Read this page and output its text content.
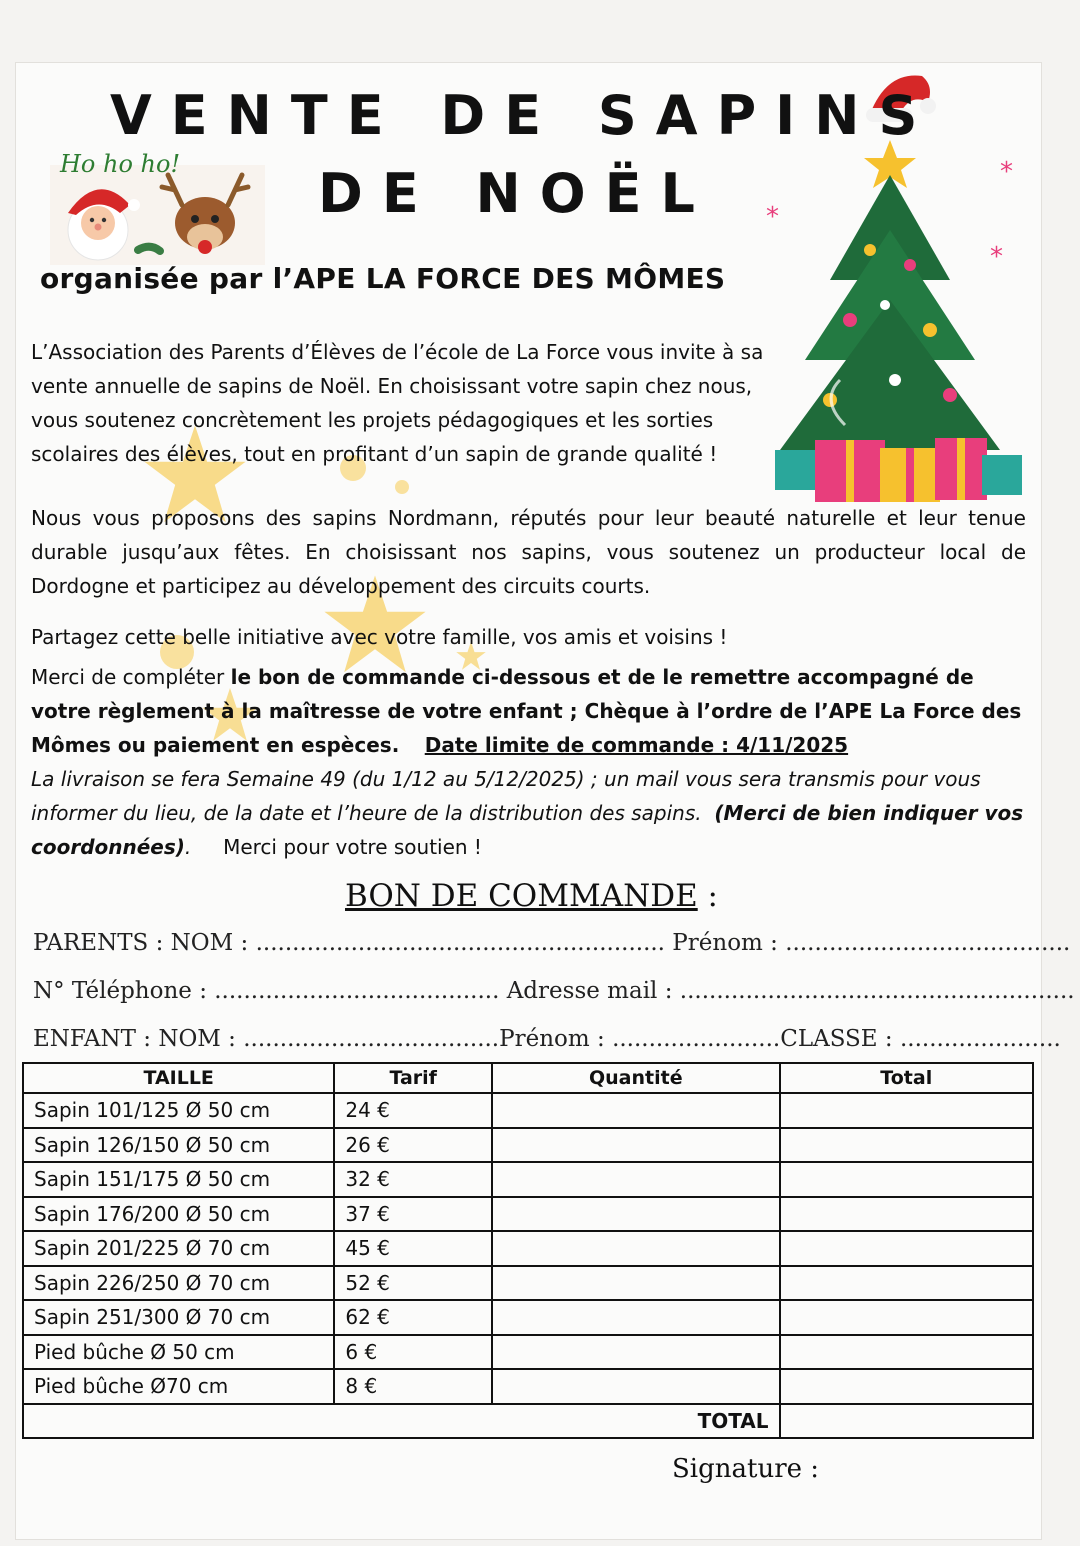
Ho ho ho!	*
*
*
VENTE DE SAPINS
DE NOËL
organisée par l’APE LA FORCE DES MÔMES

L’Association des Parents d’Élèves de l’école de La Force vous invite à sa vente annuelle de sapins de Noël. En choisissant votre sapin chez nous, vous soutenez concrètement les projets pédagogiques et les sorties scolaires des élèves, tout en profitant d’un sapin de grande qualité !

Nous vous proposons des sapins Nordmann, réputés pour leur beauté naturelle et leur tenue durable jusqu’aux fêtes. En choisissant nos sapins, vous soutenez un producteur local de Dordogne et participez au développement des circuits courts.

Partagez cette belle initiative avec votre famille, vos amis et voisins !

Merci de compléter le bon de commande ci-dessous et de le remettre accompagné de votre règlement à la maîtresse de votre enfant ; Chèque à l’ordre de l’APE La Force des Mômes ou paiement en espèces. Date limite de commande : 4/11/2025
La livraison se fera Semaine 49 (du 1/12 au 5/12/2025) ; un mail vous sera transmis pour vous informer du lieu, de la date et l’heure de la distribution des sapins. (Merci de bien indiquer vos coordonnées). Merci pour votre soutien !

BON DE COMMANDE :
PARENTS : NOM : ........................................................ Prénom : .......................................
N° Téléphone : ....................................... Adresse mail : ......................................................
ENFANT : NOM : ...................................Prénom : .......................CLASSE : ......................
TAILLE	Tarif	Quantité	Total
Sapin 101/125 Ø 50 cm	24 €		
Sapin 126/150 Ø 50 cm	26 €		
Sapin 151/175 Ø 50 cm	32 €		
Sapin 176/200 Ø 50 cm	37 €		
Sapin 201/225 Ø 70 cm	45 €		
Sapin 226/250 Ø 70 cm	52 €		
Sapin 251/300 Ø 70 cm	62 €		
Pied bûche Ø 50 cm	6 €		
Pied bûche Ø70 cm	8 €		
TOTAL			
Signature :
